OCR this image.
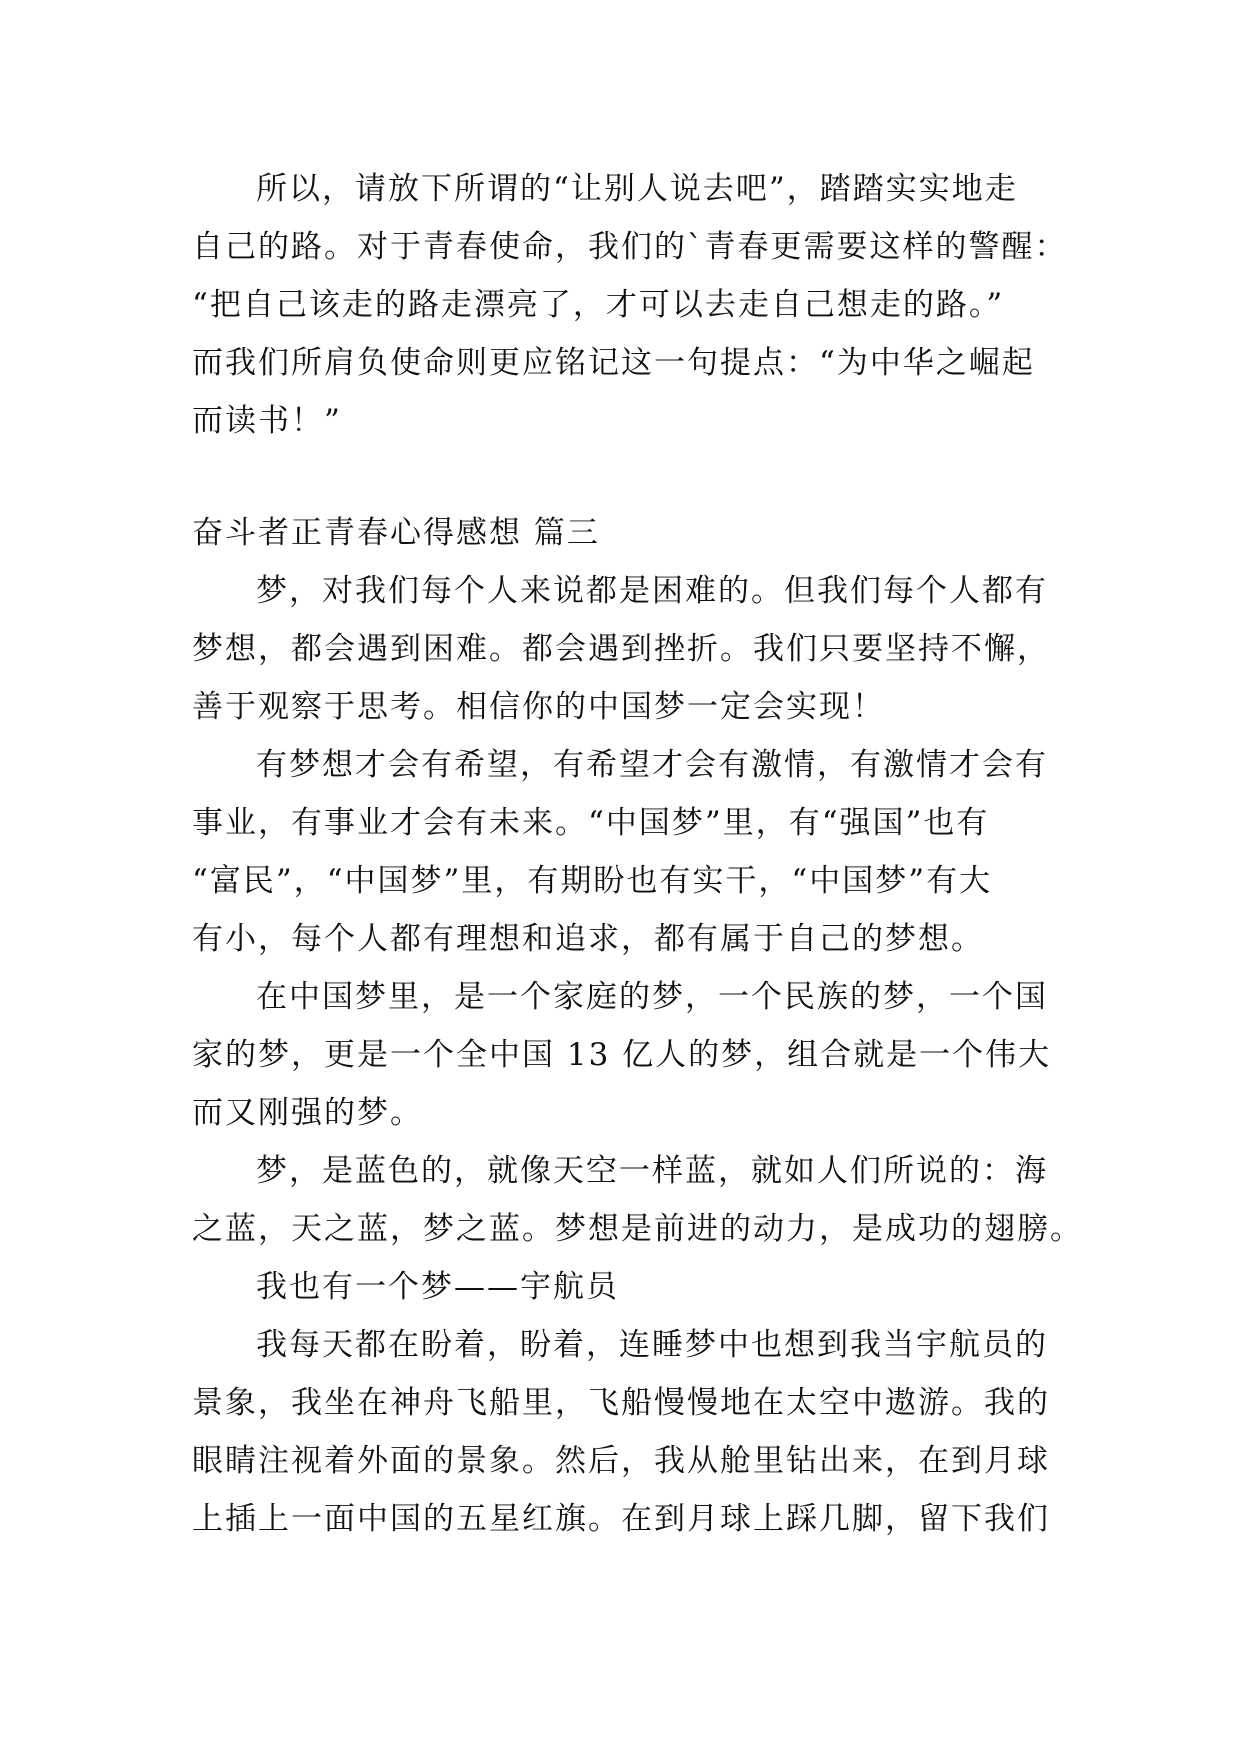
所以，请放下所谓的“让别人说去吧”，踏踏实实地走
自己的路。对于青春使命，我们的`青春更需要这样的警醒：
“把自己该走的路走漂亮了，才可以去走自己想走的路。”
而我们所肩负使命则更应铭记这一句提点：“为中华之崛起
而读书！”
奋斗者正青春心得感想 篇三
梦，对我们每个人来说都是困难的。但我们每个人都有
梦想，都会遇到困难。都会遇到挫折。我们只要坚持不懈，
善于观察于思考。相信你的中国梦一定会实现！
有梦想才会有希望，有希望才会有激情，有激情才会有
事业，有事业才会有未来。“中国梦”里，有“强国”也有
“富民”，“中国梦”里，有期盼也有实干，“中国梦”有大
有小，每个人都有理想和追求，都有属于自己的梦想。
在中国梦里，是一个家庭的梦，一个民族的梦，一个国
家的梦，更是一个全中国 13 亿人的梦，组合就是一个伟大
而又刚强的梦。
梦，是蓝色的，就像天空一样蓝，就如人们所说的：海
之蓝，天之蓝，梦之蓝。梦想是前进的动力，是成功的翅膀。
我也有一个梦——宇航员
我每天都在盼着，盼着，连睡梦中也想到我当宇航员的
景象，我坐在神舟飞船里，飞船慢慢地在太空中遨游。我的
眼睛注视着外面的景象。然后，我从舱里钻出来，在到月球
上插上一面中国的五星红旗。在到月球上踩几脚，留下我们
